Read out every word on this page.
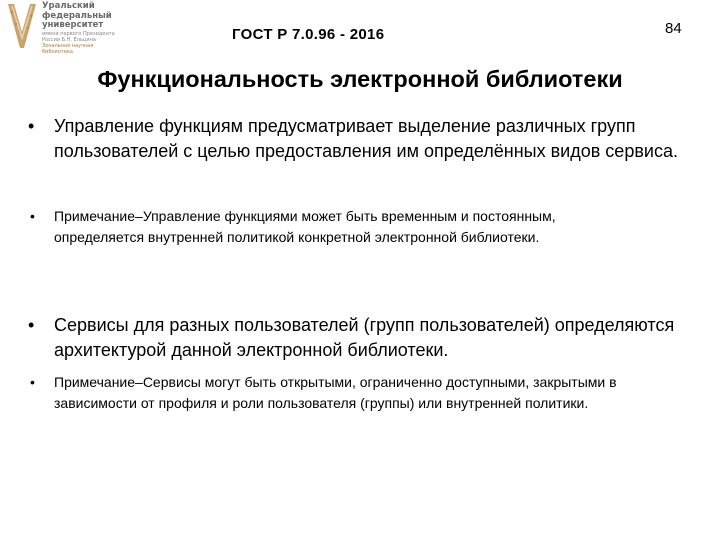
Уральский
федеральный
университет
имени первого Президента
России Б.Н. Ельцина
Зональная научная
библиотека
ГОСТ Р 7.0.96 - 2016	84
Функциональность электронной библиотеки
•	Управление функциям предусматривает выделение различных групп пользователей с целью предоставления им определённых видов сервиса.
•	Примечание–Управление функциями может быть временным и постоянным, определяется внутренней политикой конкретной электронной библиотеки.
•	Сервисы для разных пользователей (групп пользователей) определяются архитектурой данной электронной библиотеки.
•	Примечание–Сервисы могут быть открытыми, ограниченно доступными, закрытыми в зависимости от профиля и роли пользователя (группы) или внутренней политики.
